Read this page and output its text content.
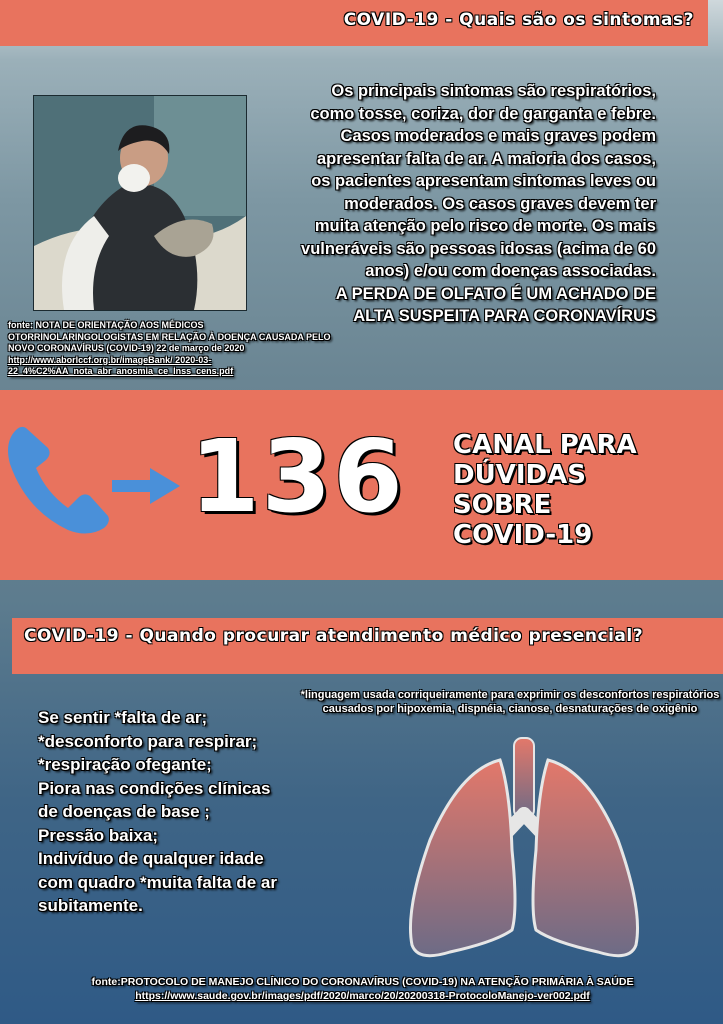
COVID-19 - Quais são os sintomas?
Os principais sintomas são respiratórios, como tosse, coriza, dor de garganta e febre. Casos moderados e mais graves podem apresentar falta de ar. A maioria dos casos, os pacientes apresentam sintomas leves ou moderados. Os casos graves devem ter muita atenção pelo risco de morte. Os mais vulneráveis são pessoas idosas (acima de 60 anos) e/ou com doenças associadas.
A PERDA DE OLFATO É UM ACHADO DE ALTA SUSPEITA PARA CORONAVÍRUS
fonte: NOTA DE ORIENTAÇÃO AOS MÉDICOS OTORRINOLARINGOLOGISTAS EM RELAÇÃO À DOENÇA CAUSADA PELO NOVO CORONAVÍRUS (COVID-19) 22 de março de 2020
http://www.aborlccf.org.br/imageBank/ 2020-03-22_4%C2%AA_nota_abr_anosmia_ce_lnss_cens.pdf
136 CANAL PARA
DÚVIDAS
SOBRE
COVID-19
COVID-19 - Quando procurar atendimento médico presencial?
*linguagem usada corriqueiramente para exprimir os desconfortos respiratórios causados por hipoxemia, dispnéia, cianose, desnaturações de oxigênio
Se sentir *falta de ar;
*desconforto para respirar;
*respiração ofegante;
Piora nas condições clínicas
de doenças de base ;
Pressão baixa;
Indivíduo de qualquer idade
com quadro *muita falta de ar
subitamente.
fonte:PROTOCOLO DE MANEJO CLÍNICO DO CORONAVÍRUS (COVID-19) NA ATENÇÃO PRIMÁRIA À SAÚDE
https://www.saude.gov.br/images/pdf/2020/marco/20/20200318-ProtocoloManejo-ver002.pdf
